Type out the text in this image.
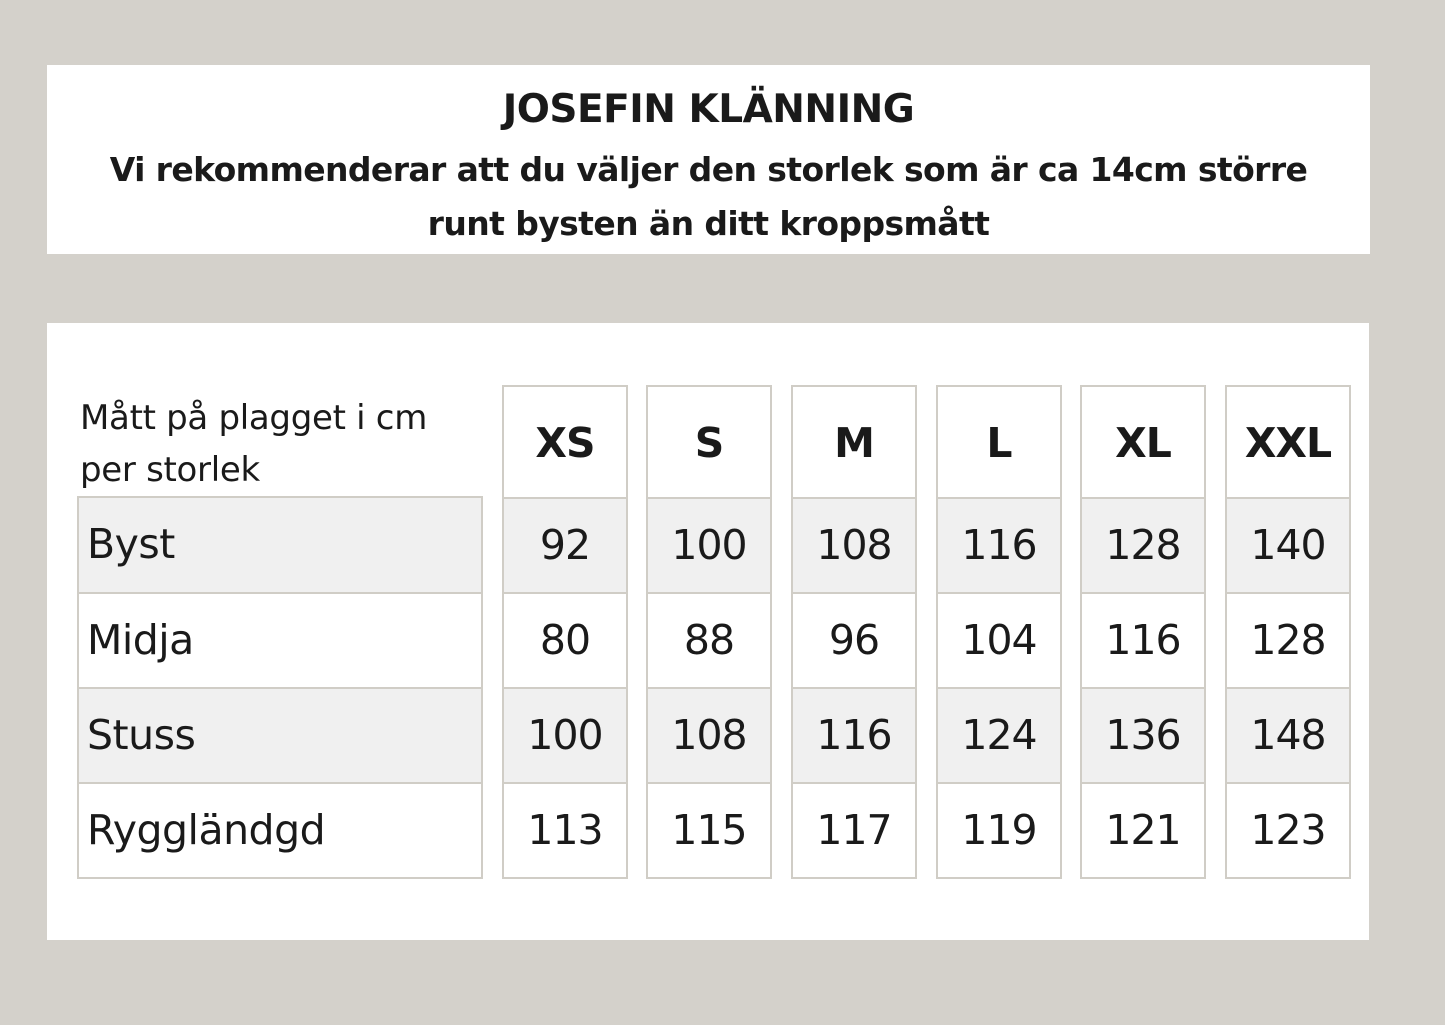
JOSEFIN KLÄNNING
Vi rekommenderar att du väljer den storlek som är ca 14cm större
runt bysten än ditt kroppsmått
Mått på plagget i cm
per storlek
Byst
Midja
Stuss
Ryggländgd
XS
92
80
100
113
S
100
88
108
115
M
108
96
116
117
L
116
104
124
119
XL
128
116
136
121
XXL
140
128
148
123
